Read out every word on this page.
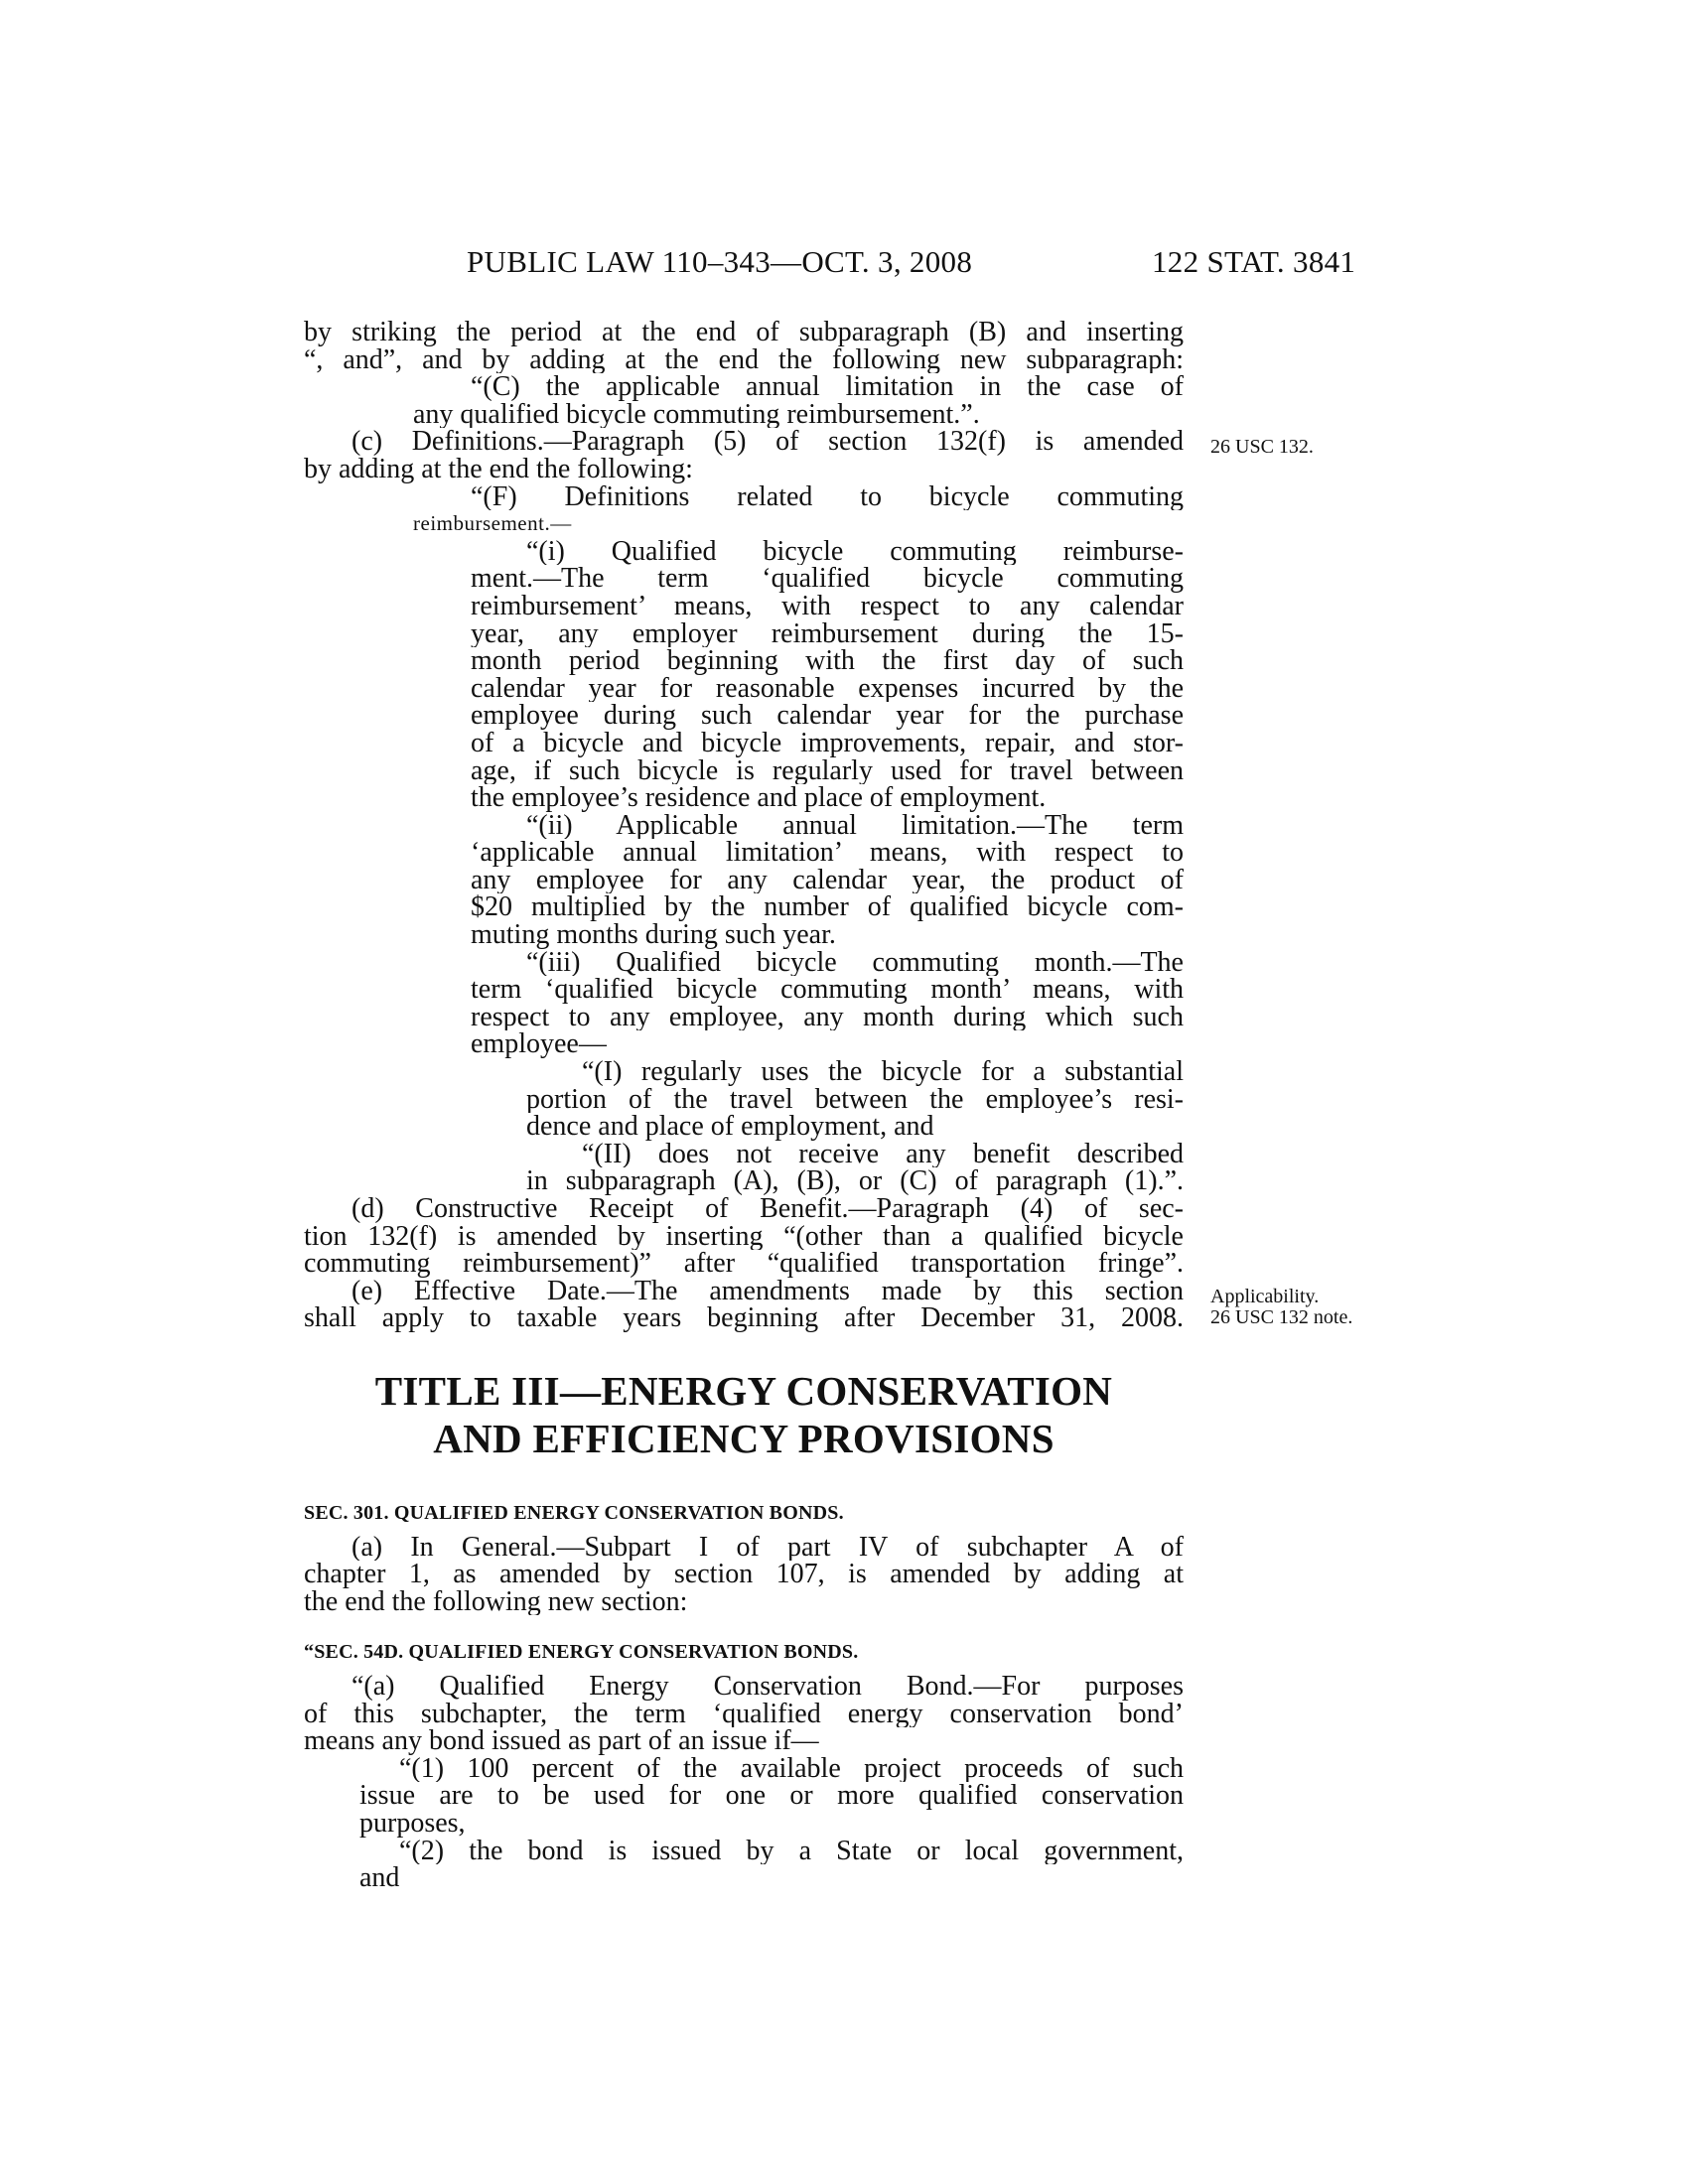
PUBLIC LAW 110–343—OCT. 3, 2008	122 STAT. 3841
26 USC 132.
Applicability.
26 USC 132 note.
by striking the period at the end of subparagraph (B) and inserting
“, and”, and by adding at the end the following new subparagraph:
“(C) the applicable annual limitation in the case of
any qualified bicycle commuting reimbursement.”.
(c) Definitions.—Paragraph (5) of section 132(f) is amended
by adding at the end the following:
“(F) Definitions related to bicycle commuting
reimbursement.—
“(i) Qualified bicycle commuting reimburse-
ment.—The term ‘qualified bicycle commuting
reimbursement’ means, with respect to any calendar
year, any employer reimbursement during the 15-
month period beginning with the first day of such
calendar year for reasonable expenses incurred by the
employee during such calendar year for the purchase
of a bicycle and bicycle improvements, repair, and stor-
age, if such bicycle is regularly used for travel between
the employee’s residence and place of employment.
“(ii) Applicable annual limitation.—The term
‘applicable annual limitation’ means, with respect to
any employee for any calendar year, the product of
$20 multiplied by the number of qualified bicycle com-
muting months during such year.
“(iii) Qualified bicycle commuting month.—The
term ‘qualified bicycle commuting month’ means, with
respect to any employee, any month during which such
employee—
“(I) regularly uses the bicycle for a substantial
portion of the travel between the employee’s resi-
dence and place of employment, and
“(II) does not receive any benefit described
in subparagraph (A), (B), or (C) of paragraph (1).”.
(d) Constructive Receipt of Benefit.—Paragraph (4) of sec-
tion 132(f) is amended by inserting “(other than a qualified bicycle
commuting reimbursement)” after “qualified transportation fringe”.
(e) Effective Date.—The amendments made by this section
shall apply to taxable years beginning after December 31, 2008.
TITLE III—ENERGY CONSERVATION
AND EFFICIENCY PROVISIONS
SEC. 301. QUALIFIED ENERGY CONSERVATION BONDS.
(a) In General.—Subpart I of part IV of subchapter A of
chapter 1, as amended by section 107, is amended by adding at
the end the following new section:
“SEC. 54D. QUALIFIED ENERGY CONSERVATION BONDS.
“(a) Qualified Energy Conservation Bond.—For purposes
of this subchapter, the term ‘qualified energy conservation bond’
means any bond issued as part of an issue if—
“(1) 100 percent of the available project proceeds of such
issue are to be used for one or more qualified conservation
purposes,
“(2) the bond is issued by a State or local government,
and
